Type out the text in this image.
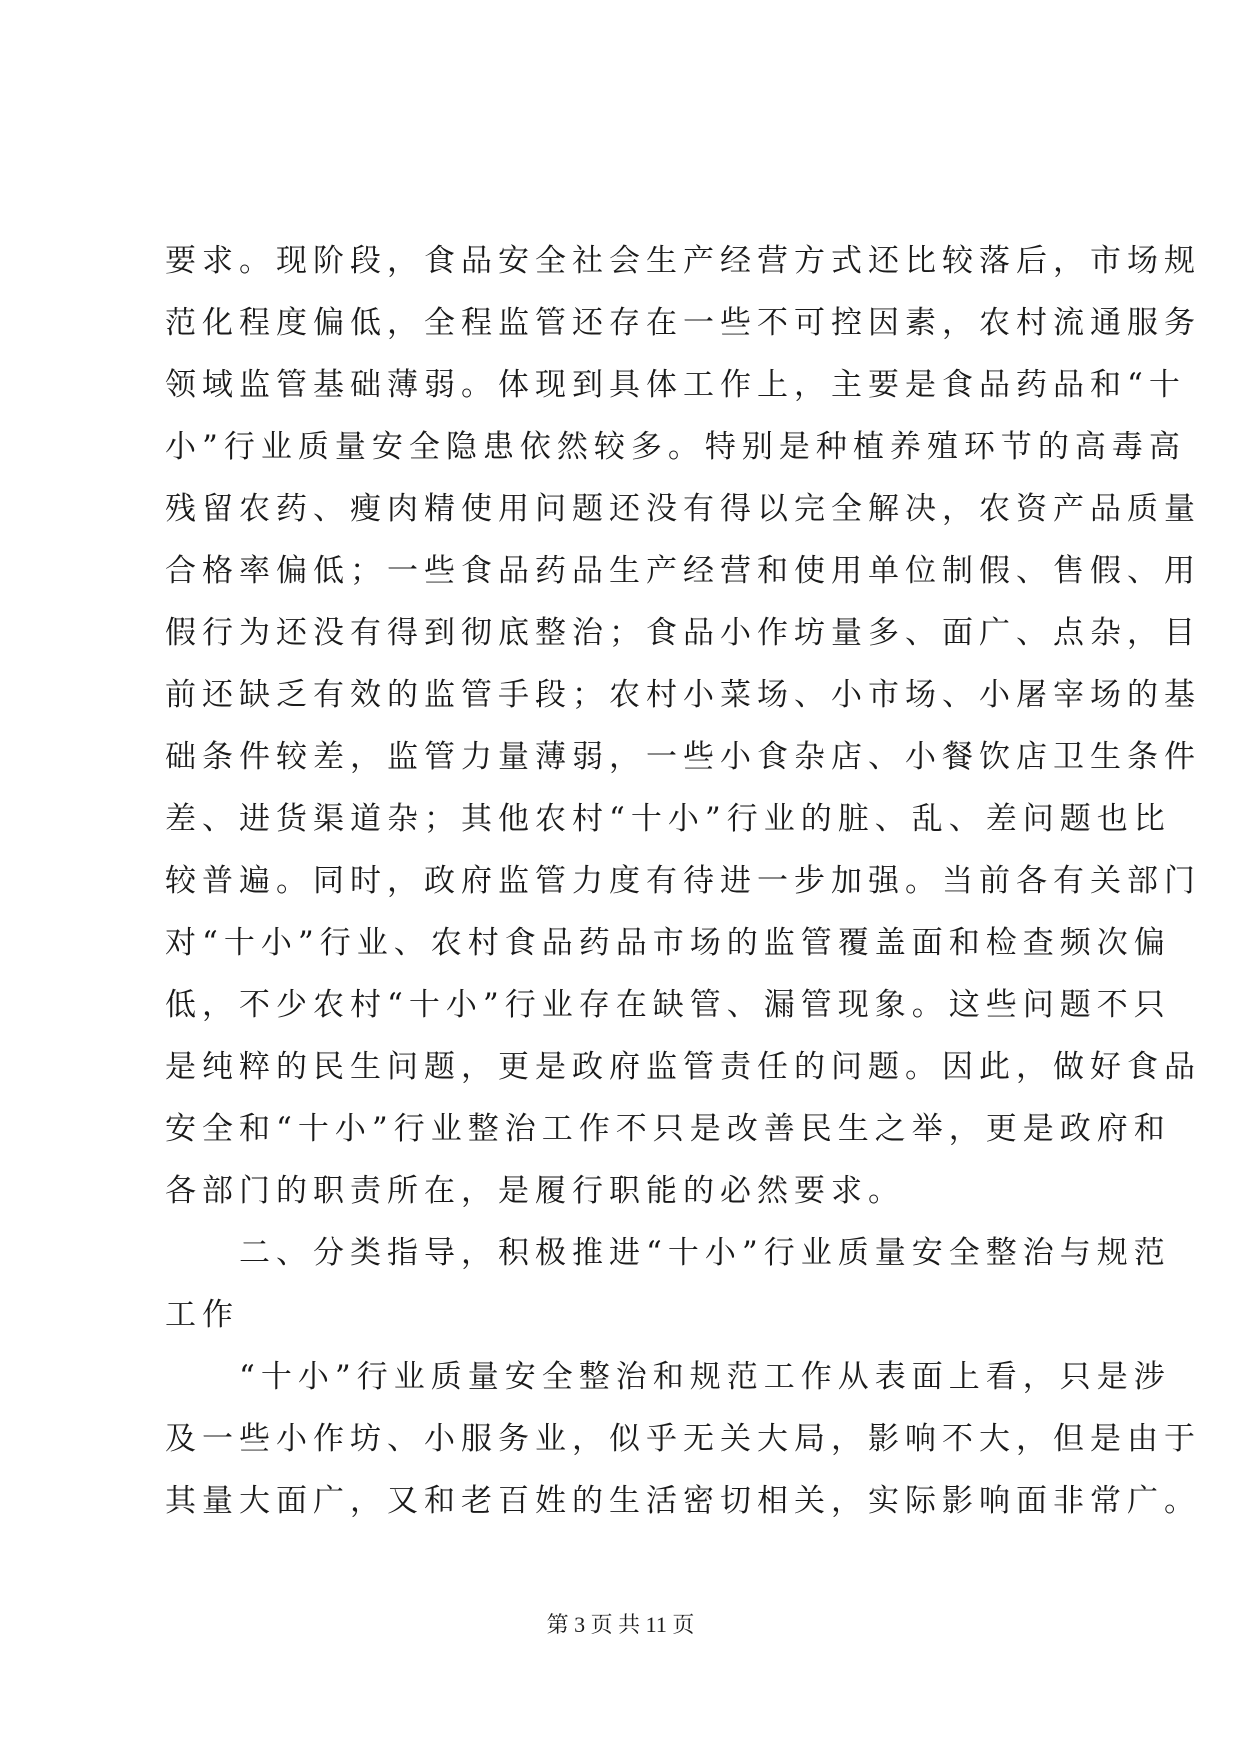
要求。现阶段，食品安全社会生产经营方式还比较落后，市场规
范化程度偏低，全程监管还存在一些不可控因素，农村流通服务
领域监管基础薄弱。体现到具体工作上，主要是食品药品和“十
小”行业质量安全隐患依然较多。特别是种植养殖环节的高毒高
残留农药、瘦肉精使用问题还没有得以完全解决，农资产品质量
合格率偏低；一些食品药品生产经营和使用单位制假、售假、用
假行为还没有得到彻底整治；食品小作坊量多、面广、点杂，目
前还缺乏有效的监管手段；农村小菜场、小市场、小屠宰场的基
础条件较差，监管力量薄弱，一些小食杂店、小餐饮店卫生条件
差、进货渠道杂；其他农村“十小”行业的脏、乱、差问题也比
较普遍。同时，政府监管力度有待进一步加强。当前各有关部门
对“十小”行业、农村食品药品市场的监管覆盖面和检查频次偏
低，不少农村“十小”行业存在缺管、漏管现象。这些问题不只
是纯粹的民生问题，更是政府监管责任的问题。因此，做好食品
安全和“十小”行业整治工作不只是改善民生之举，更是政府和
各部门的职责所在，是履行职能的必然要求。
二、分类指导，积极推进“十小”行业质量安全整治与规范
工作
“十小”行业质量安全整治和规范工作从表面上看，只是涉
及一些小作坊、小服务业，似乎无关大局，影响不大，但是由于
其量大面广，又和老百姓的生活密切相关，实际影响面非常广。
第 3 页 共 11 页
